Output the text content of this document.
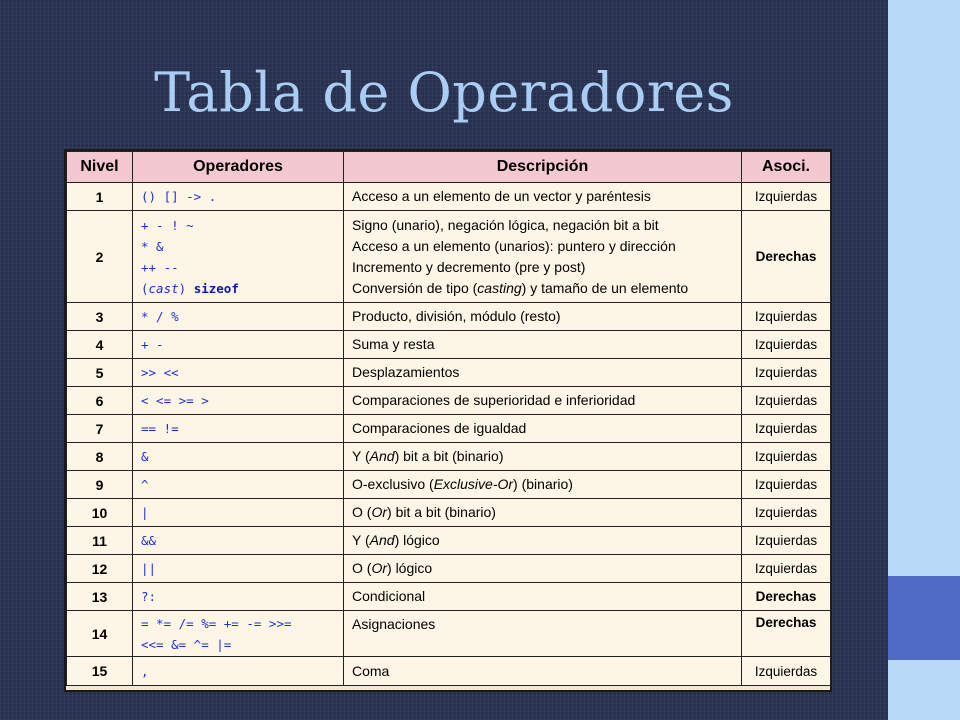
Tabla de Operadores
Nivel	Operadores	Descripción	Asoci.
1	() [] -> .	Acceso a un elemento de un vector y paréntesis	Izquierdas
2	+ - ! ~
* &
++ --
(cast) sizeof	Signo (unario), negación lógica, negación bit a bit
Acceso a un elemento (unarios): puntero y dirección
Incremento y decremento (pre y post)
Conversión de tipo (casting) y tamaño de un elemento	Derechas
3	* / %	Producto, división, módulo (resto)	Izquierdas
4	+ -	Suma y resta	Izquierdas
5	>> <<	Desplazamientos	Izquierdas
6	< <= >= >	Comparaciones de superioridad e inferioridad	Izquierdas
7	== !=	Comparaciones de igualdad	Izquierdas
8	&	Y (And) bit a bit (binario)	Izquierdas
9	^	O-exclusivo (Exclusive-Or) (binario)	Izquierdas
10	|	O (Or) bit a bit (binario)	Izquierdas
11	&&	Y (And) lógico	Izquierdas
12	||	O (Or) lógico	Izquierdas
13	?:	Condicional	Derechas
14	= *= /= %= += -= >>=
<<= &= ^= |=	Asignaciones	Derechas
15	,	Coma	Izquierdas
